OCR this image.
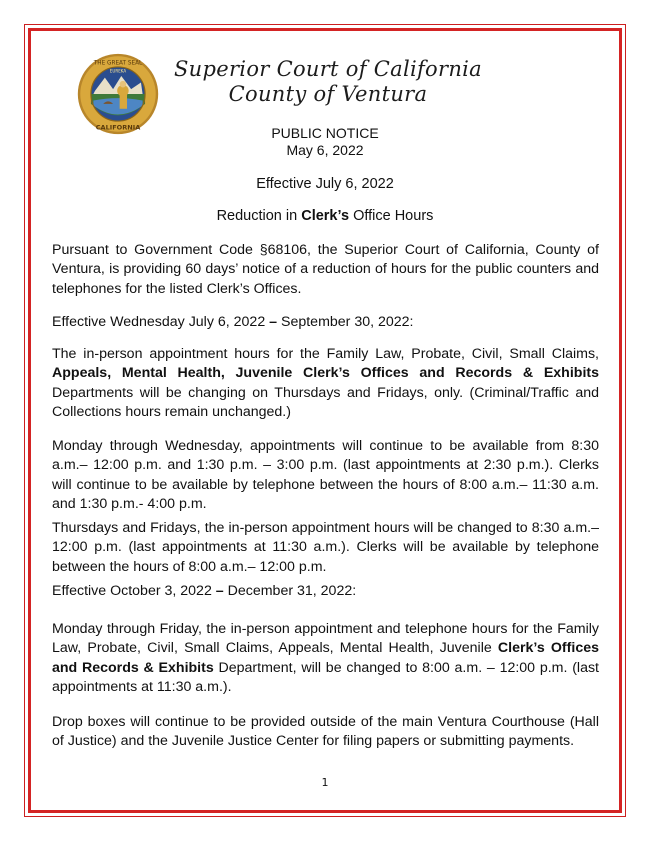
THE GREAT SEAL
CALIFORNIA
EUREKA	Superior Court of California
County of Ventura
PUBLIC NOTICE
May 6, 2022
Effective July 6, 2022
Reduction in Clerk’s Office Hours

Pursuant to Government Code §68106, the Superior Court of California, County of Ventura, is providing 60 days’ notice of a reduction of hours for the public counters and telephones for the listed Clerk’s Offices.

Effective Wednesday July 6, 2022 – September 30, 2022:

The in-person appointment hours for the Family Law, Probate, Civil, Small Claims, Appeals, Mental Health, Juvenile Clerk’s Offices and Records & Exhibits Departments will be changing on Thursdays and Fridays, only. (Criminal/Traffic and Collections hours remain unchanged.)

Monday through Wednesday, appointments will continue to be available from 8:30 a.m.– 12:00 p.m. and 1:30 p.m. – 3:00 p.m. (last appointments at 2:30 p.m.). Clerks will continue to be available by telephone between the hours of 8:00 a.m.– 11:30 a.m. and 1:30 p.m.- 4:00 p.m.

Thursdays and Fridays, the in-person appointment hours will be changed to 8:30 a.m.– 12:00 p.m. (last appointments at 11:30 a.m.). Clerks will be available by telephone between the hours of 8:00 a.m.– 12:00 p.m.

Effective October 3, 2022 – December 31, 2022:

Monday through Friday, the in-person appointment and telephone hours for the Family Law, Probate, Civil, Small Claims, Appeals, Mental Health, Juvenile Clerk’s Offices and Records & Exhibits Department, will be changed to 8:00 a.m. – 12:00 p.m. (last appointments at 11:30 a.m.).

Drop boxes will continue to be provided outside of the main Ventura Courthouse (Hall of Justice) and the Juvenile Justice Center for filing papers or submitting payments.

1
